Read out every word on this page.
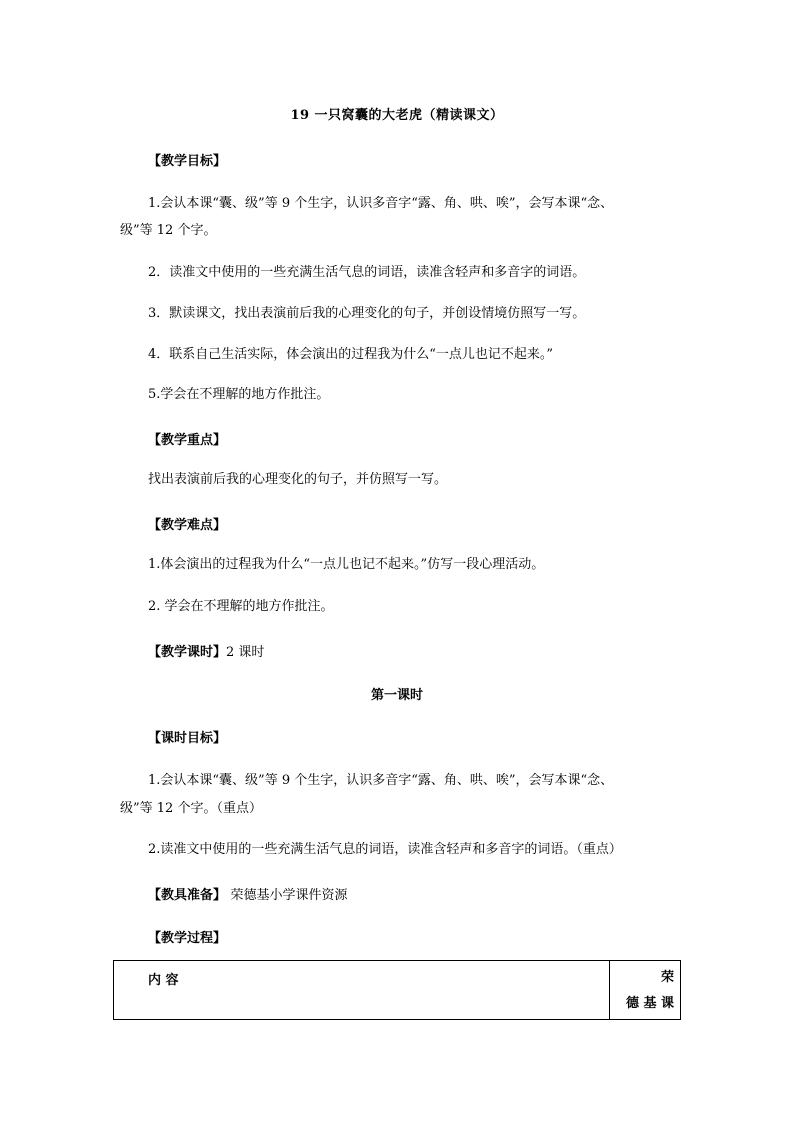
19 一只窝囊的大老虎（精读课文）
【教学目标】
1.会认本课“囊、级”等 9 个生字，认识多音字“露、角、哄、唉”，会写本课“念、
级”等 12 个字。
2．读准文中使用的一些充满生活气息的词语，读准含轻声和多音字的词语。
3．默读课文，找出表演前后我的心理变化的句子，并创设情境仿照写一写。
4．联系自己生活实际，体会演出的过程我为什么“一点儿也记不起来。”
5.学会在不理解的地方作批注。
【教学重点】
找出表演前后我的心理变化的句子，并仿照写一写。
【教学难点】
1.体会演出的过程我为什么“一点儿也记不起来。”仿写一段心理活动。
2. 学会在不理解的地方作批注。
【教学课时】2 课时
第一课时
【课时目标】
1.会认本课“囊、级”等 9 个生字，认识多音字“露、角、哄、唉”，会写本课“念、
级”等 12 个字。（重点）
2.读准文中使用的一些充满生活气息的词语，读准含轻声和多音字的词语。（重点）
【教具准备】 荣德基小学课件资源
【教学过程】
内 容	荣
德 基 课
